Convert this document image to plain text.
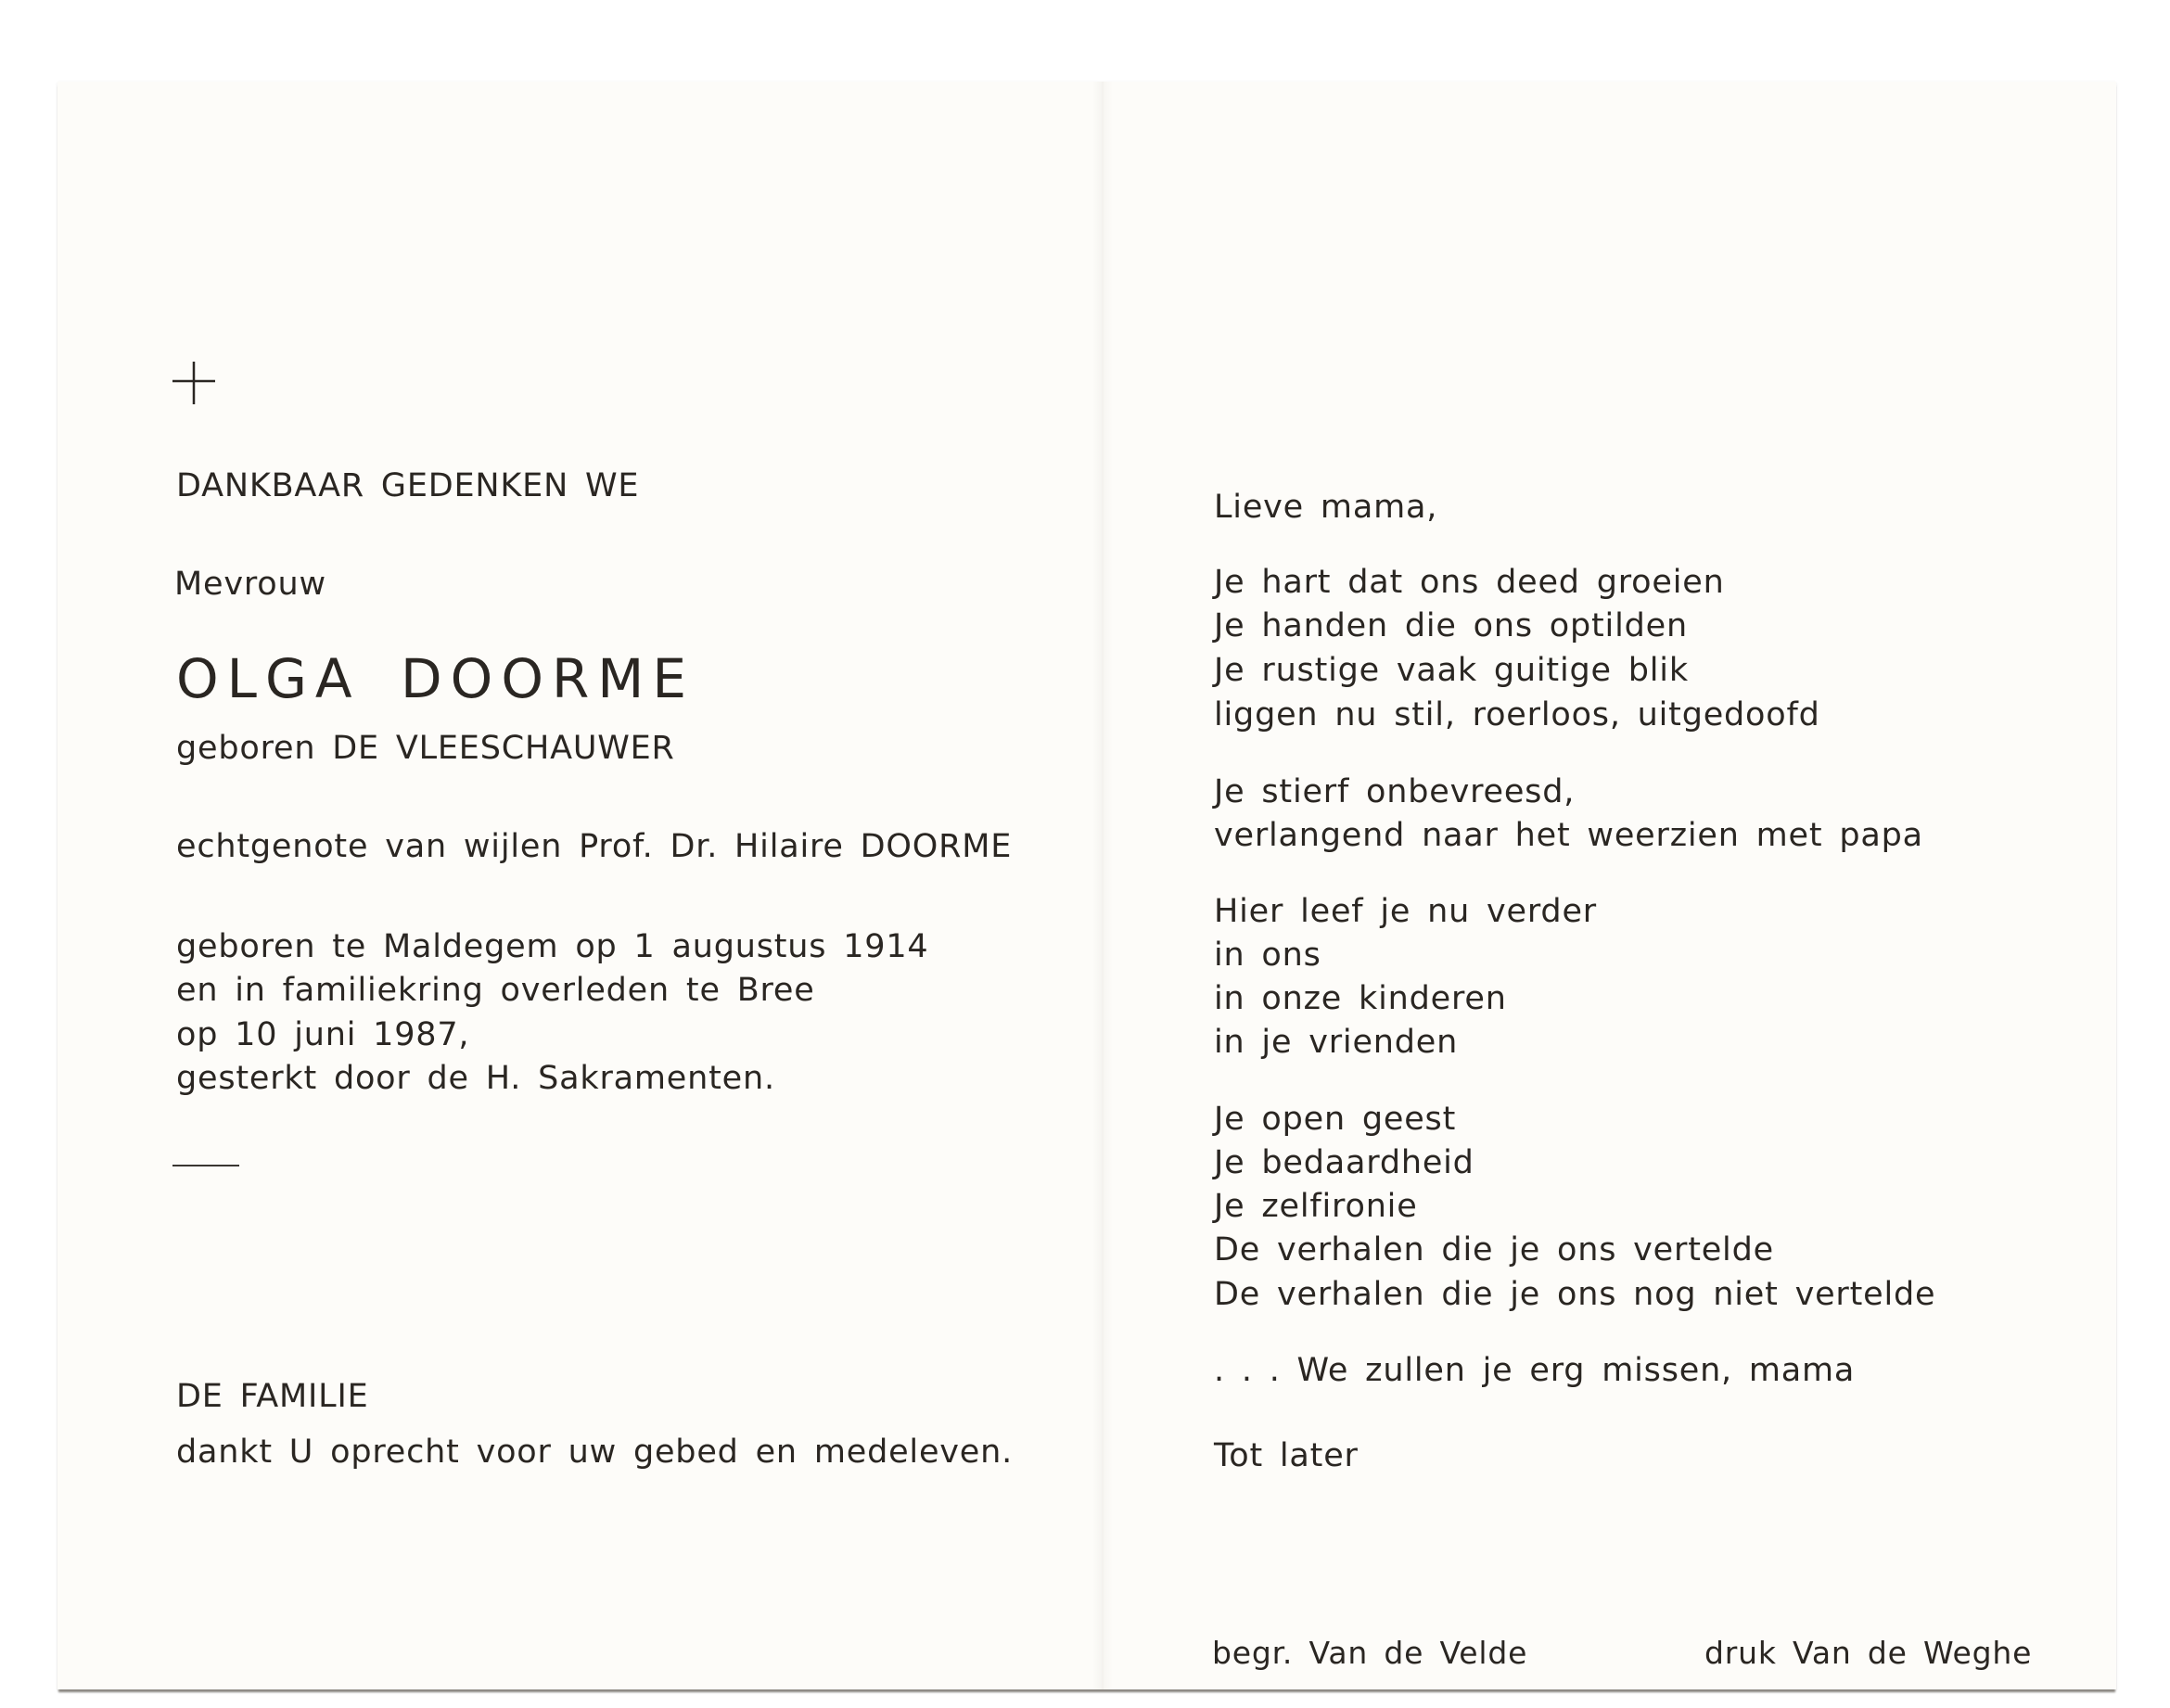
DANKBAAR GEDENKEN WE
Mevrouw
OLGA DOORME
geboren DE VLEESCHAUWER
echtgenote van wijlen Prof. Dr. Hilaire DOORME
geboren te Maldegem op 1 augustus 1914
en in familiekring overleden te Bree
op 10 juni 1987,
gesterkt door de H. Sakramenten.
DE FAMILIE
dankt U oprecht voor uw gebed en medeleven.
Lieve mama,
Je hart dat ons deed groeien
Je handen die ons optilden
Je rustige vaak guitige blik
liggen nu stil, roerloos, uitgedoofd
Je stierf onbevreesd,
verlangend naar het weerzien met papa
Hier leef je nu verder
in ons
in onze kinderen
in je vrienden
Je open geest
Je bedaardheid
Je zelfironie
De verhalen die je ons vertelde
De verhalen die je ons nog niet vertelde
. . . We zullen je erg missen, mama
Tot later
begr. Van de Velde	druk Van de Weghe
